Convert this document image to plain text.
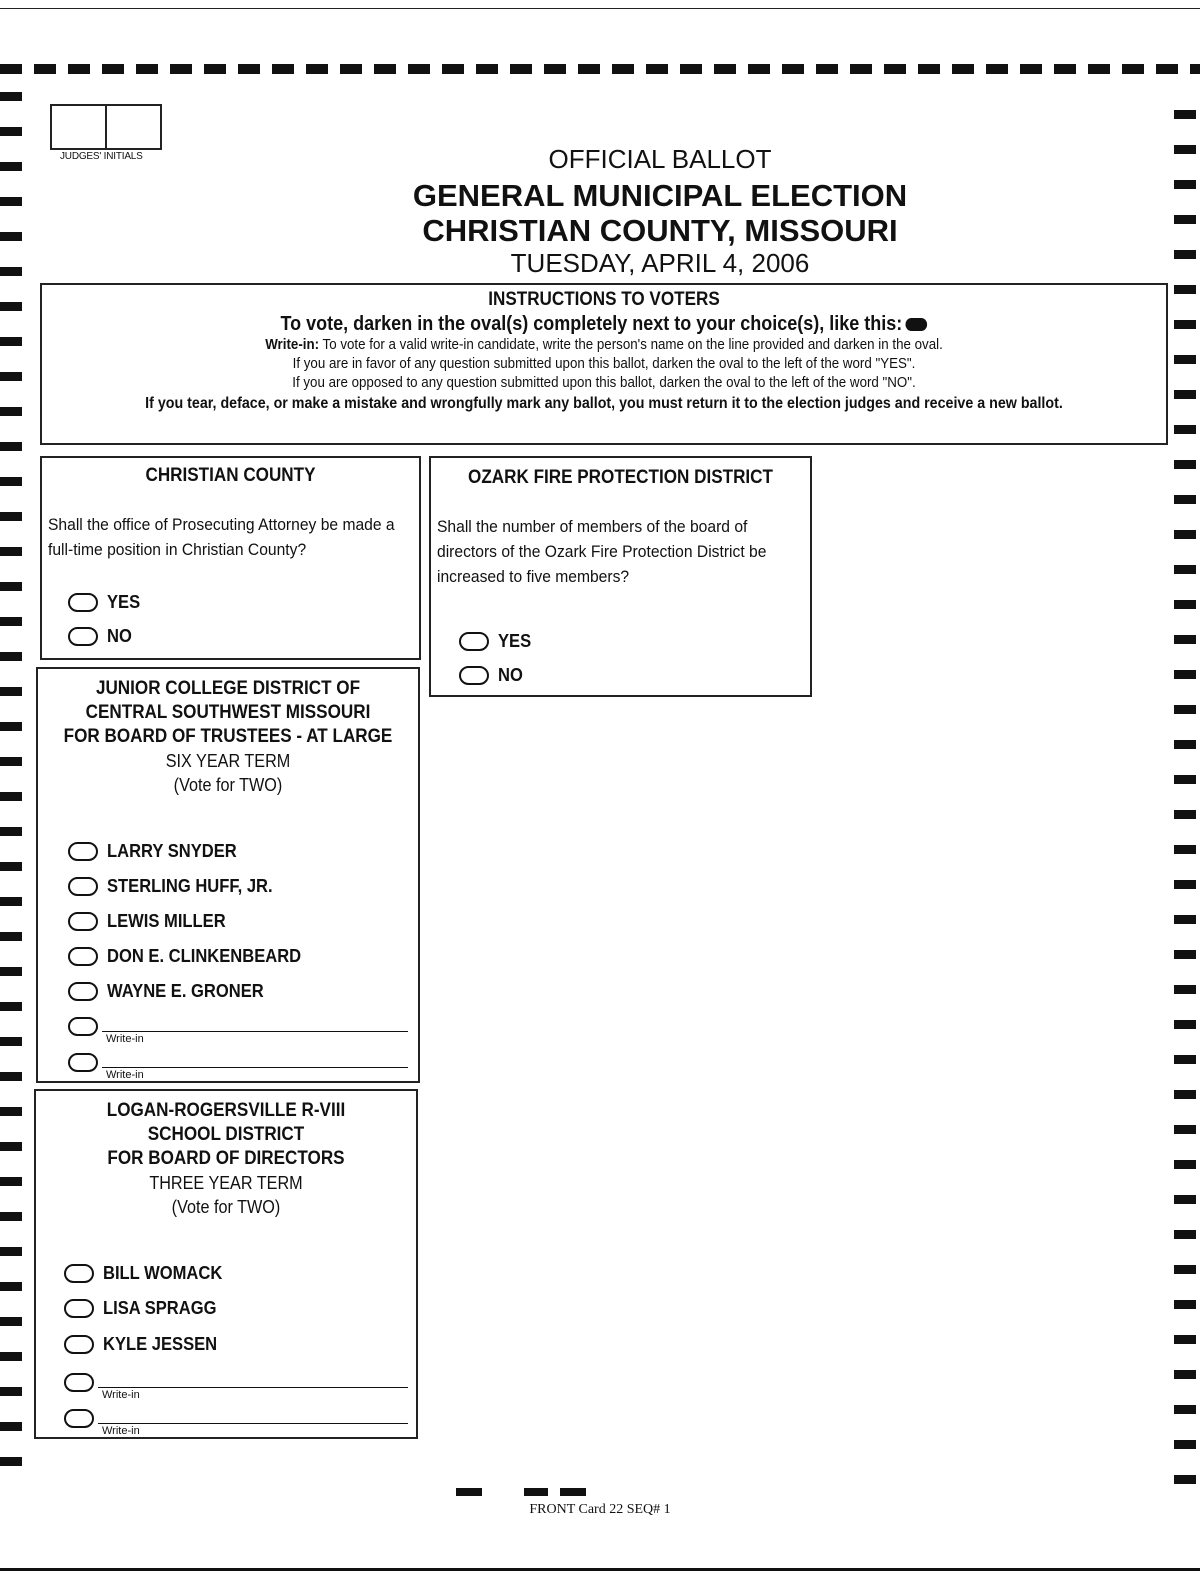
JUDGES' INITIALS	OFFICIAL BALLOT
GENERAL MUNICIPAL ELECTION
CHRISTIAN COUNTY, MISSOURI
TUESDAY, APRIL 4, 2006
INSTRUCTIONS TO VOTERS
To vote, darken in the oval(s) completely next to your choice(s), like this:
Write-in: To vote for a valid write-in candidate, write the person's name on the line provided and darken in the oval.
If you are in favor of any question submitted upon this ballot, darken the oval to the left of the word "YES".
If you are opposed to any question submitted upon this ballot, darken the oval to the left of the word "NO".
If you tear, deface, or make a mistake and wrongfully mark any ballot, you must return it to the election judges and receive a new ballot.
CHRISTIAN COUNTY
Shall the office of Prosecuting Attorney be made a full-time position in Christian County?
YES
NO
OZARK FIRE PROTECTION DISTRICT
Shall the number of members of the board of directors of the Ozark Fire Protection District be increased to five members?
YES
NO
JUNIOR COLLEGE DISTRICT OF
CENTRAL SOUTHWEST MISSOURI
FOR BOARD OF TRUSTEES - AT LARGE
SIX YEAR TERM
(Vote for TWO)
LARRY SNYDER
STERLING HUFF, JR.
LEWIS MILLER
DON E. CLINKENBEARD
WAYNE E. GRONER
Write-in
Write-in
LOGAN-ROGERSVILLE R-VIII
SCHOOL DISTRICT
FOR BOARD OF DIRECTORS
THREE YEAR TERM
(Vote for TWO)
BILL WOMACK
LISA SPRAGG
KYLE JESSEN
Write-in
Write-in
FRONT Card 22 SEQ# 1
